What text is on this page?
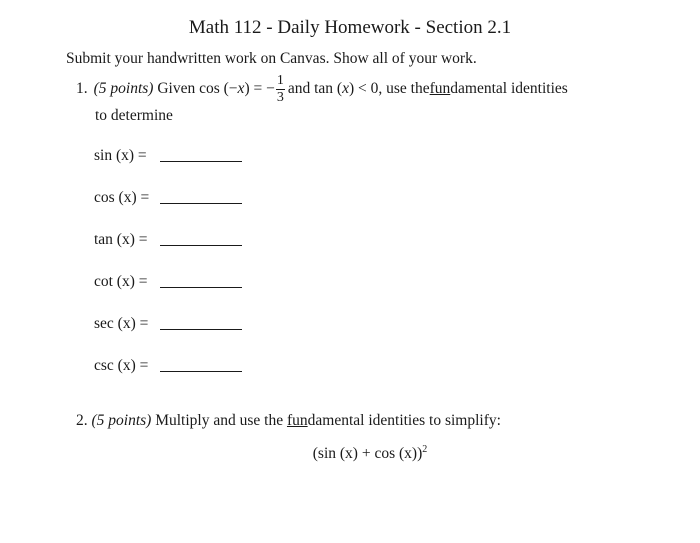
Math 112 - Daily Homework - Section 2.1
Submit your handwritten work on Canvas. Show all of your work.
1. (5 points)
Given cos (− x ) = − $\frac{1}{3}$ and tan ( x ) < 0, use the fun damental identities
to determine
sin (x) =
cos (x) =
tan (x) =
cot (x) =
sec (x) =
csc (x) =
2. (5 points) Multiply and use the fundamental identities to simplify:
(sin (x) + cos (x))$^2$
